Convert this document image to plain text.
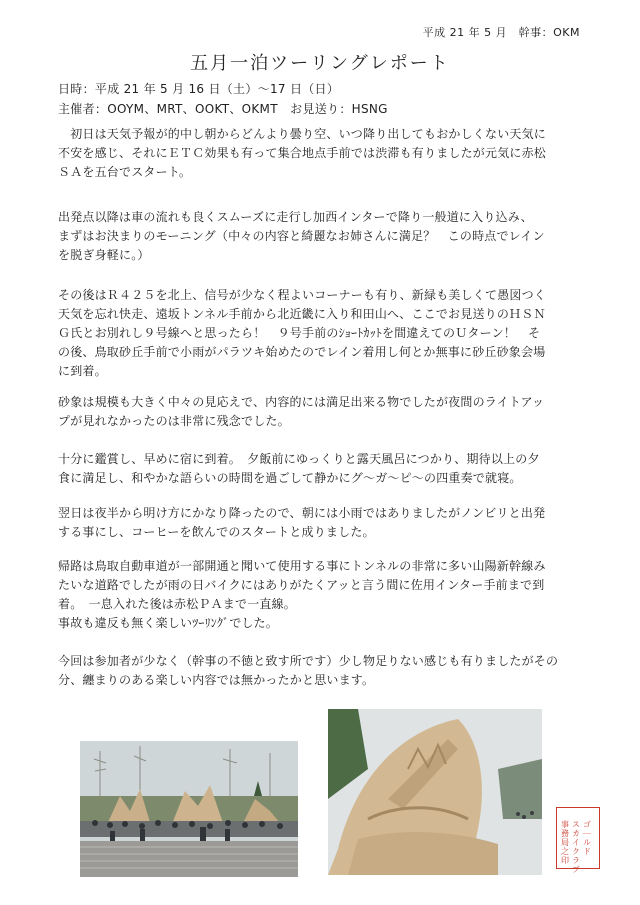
平成 21 年 5 月　幹事：OKM
五月一泊ツーリングレポート
日時：平成 21 年 5 月 16 日（土）～17 日（日）
主催者：OOYM、MRT、OOKT、OKMT　お見送り：HSNG

　初日は天気予報が的中し朝からどんより曇り空、いつ降り出してもおかしくない天気に
不安を感じ、それにＥＴＣ効果も有って集合地点手前では渋滞も有りましたが元気に赤松
ＳＡを五台でスタート。

出発点以降は車の流れも良くスムーズに走行し加西インターで降り一般道に入り込み、
まずはお決まりのモーニング（中々の内容と綺麗なお姉さんに満足？　この時点でレイン
を脱ぎ身軽に。）

その後はＲ４２５を北上、信号が少なく程よいコーナーも有り、新緑も美しくて愚図つく
天気を忘れ快走、遠坂トンネル手前から北近畿に入り和田山へ、ここでお見送りのＨＳＮ
Ｇ氏とお別れし９号線へと思ったら！　９号手前のｼｮｰﾄｶｯﾄを間違えてのＵターン！　そ
の後、鳥取砂丘手前で小雨がパラツキ始めたのでレイン着用し何とか無事に砂丘砂象会場
に到着。

砂象は規模も大きく中々の見応えで、内容的には満足出来る物でしたが夜間のライトアッ
プが見れなかったのは非常に残念でした。

十分に鑑賞し、早めに宿に到着。　夕飯前にゆっくりと露天風呂につかり、期待以上の夕
食に満足し、和やかな語らいの時間を過ごして静かにグ～ガ～ピ～の四重奏で就寝。

翌日は夜半から明け方にかなり降ったので、朝には小雨ではありましたがノンビリと出発
する事にし、コーヒーを飲んでのスタートと成りました。

帰路は鳥取自動車道が一部開通と聞いて使用する事にトンネルの非常に多い山陽新幹線み
たいな道路でしたが雨の日バイクにはありがたくアッと言う間に佐用インター手前まで到
着。　一息入れた後は赤松ＰＡまで一直線。
事故も違反も無く楽しいﾂｰﾘﾝｸﾞでした。

今回は参加者が少なく（幹事の不徳と致す所です）少し物足りない感じも有りましたがその
分、纏まりのある楽しい内容では無かったかと思います。

ゴ
｜
ル
ド
ス
カ
イ
ク
ラ
ブ
事
務
局
之
印
